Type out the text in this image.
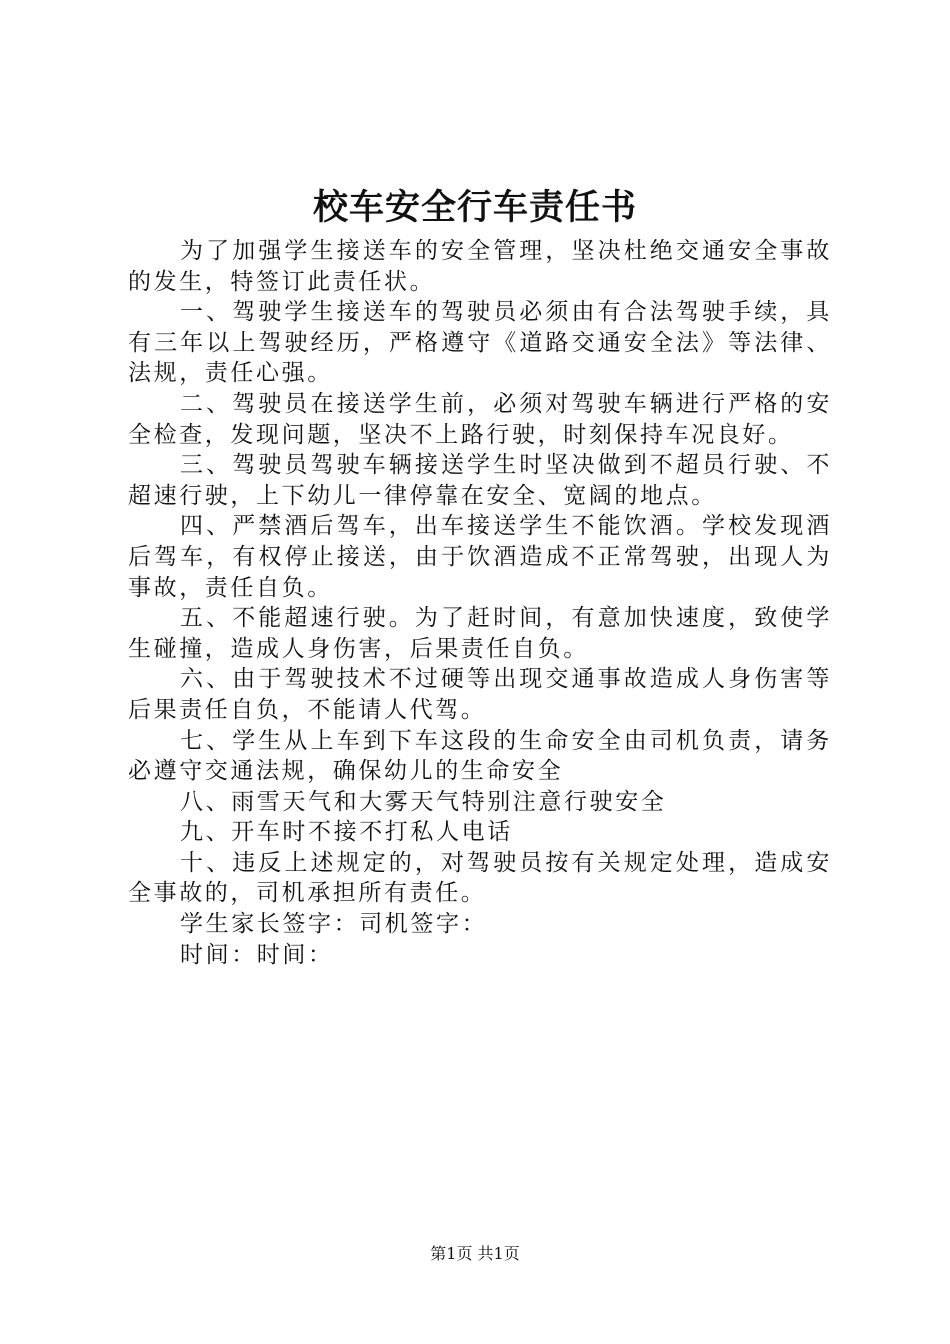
校车安全行车责任书

为了加强学生接送车的安全管理，坚决杜绝交通安全事故的发生，特签订此责任状。

一、驾驶学生接送车的驾驶员必须由有合法驾驶手续，具有三年以上驾驶经历，严格遵守《道路交通安全法》等法律、法规，责任心强。

二、驾驶员在接送学生前，必须对驾驶车辆进行严格的安全检查，发现问题，坚决不上路行驶，时刻保持车况良好。

三、驾驶员驾驶车辆接送学生时坚决做到不超员行驶、不超速行驶，上下幼儿一律停靠在安全、宽阔的地点。

四、严禁酒后驾车，出车接送学生不能饮酒。学校发现酒后驾车，有权停止接送，由于饮酒造成不正常驾驶，出现人为事故，责任自负。

五、不能超速行驶。为了赶时间，有意加快速度，致使学生碰撞，造成人身伤害，后果责任自负。

六、由于驾驶技术不过硬等出现交通事故造成人身伤害等后果责任自负，不能请人代驾。

七、学生从上车到下车这段的生命安全由司机负责，请务必遵守交通法规，确保幼儿的生命安全

八、雨雪天气和大雾天气特别注意行驶安全

九、开车时不接不打私人电话

十、违反上述规定的，对驾驶员按有关规定处理，造成安全事故的，司机承担所有责任。

学生家长签字：司机签字：

时间：时间：

第1页 共1页
